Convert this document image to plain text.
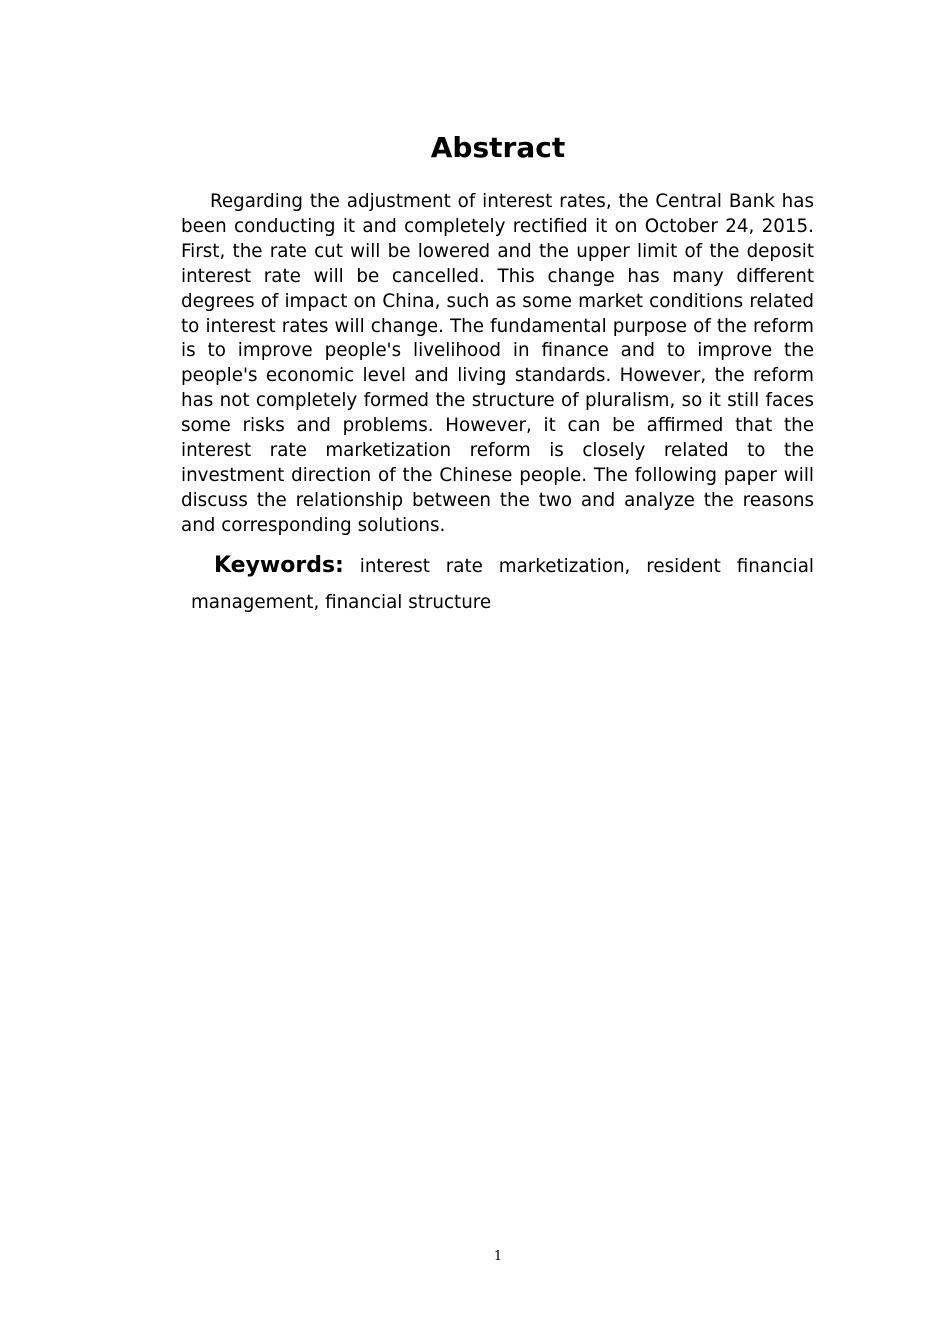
Abstract

Regarding the adjustment of interest rates, the Central Bank has been conducting it and completely rectified it on October 24, 2015. First, the rate cut will be lowered and the upper limit of the deposit interest rate will be cancelled. This change has many different degrees of impact on China, such as some market conditions related to interest rates will change. The fundamental purpose of the reform is to improve people's livelihood in finance and to improve the people's economic level and living standards. However, the reform has not completely formed the structure of pluralism, so it still faces some risks and problems. However, it can be affirmed that the interest rate marketization reform is closely related to the investment direction of the Chinese people. The following paper will discuss the relationship between the two and analyze the reasons and corresponding solutions.

Keywords: interest rate marketization, resident financial management, financial structure

1
